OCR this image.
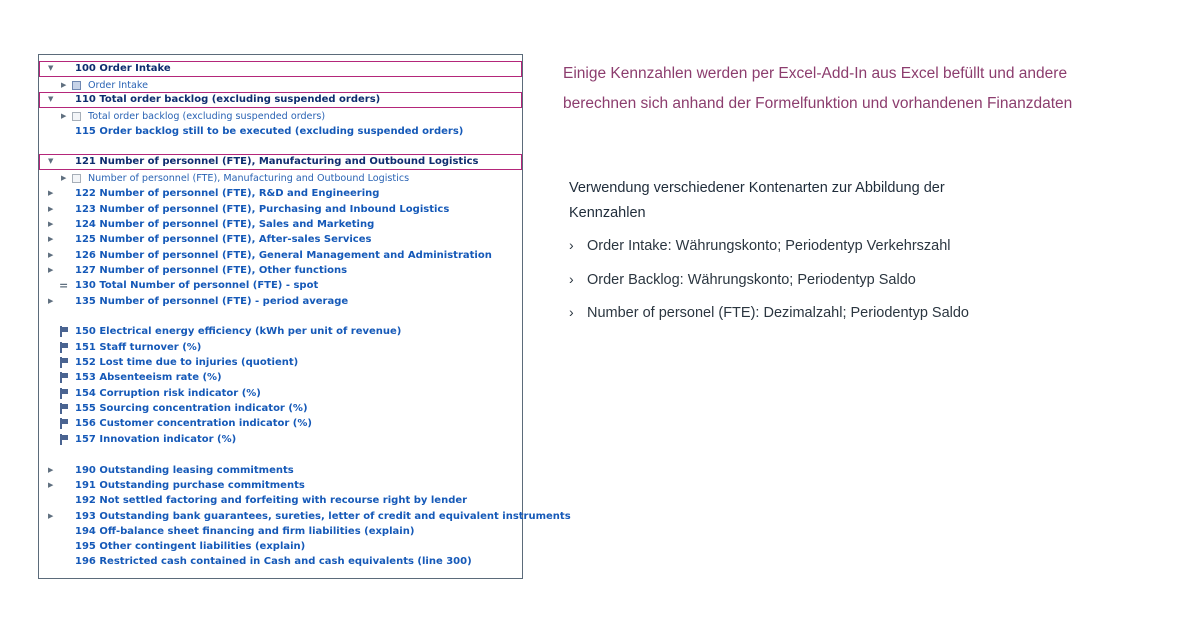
▼ 100 Order Intake
▶ Order Intake
▼ 110 Total order backlog (excluding suspended orders)
▶ Total order backlog (excluding suspended orders)
115 Order backlog still to be executed (excluding suspended orders)
▼ 121 Number of personnel (FTE), Manufacturing and Outbound Logistics
▶ Number of personnel (FTE), Manufacturing and Outbound Logistics
▶ 122 Number of personnel (FTE), R&D and Engineering
▶ 123 Number of personnel (FTE), Purchasing and Inbound Logistics
▶ 124 Number of personnel (FTE), Sales and Marketing
▶ 125 Number of personnel (FTE), After-sales Services
▶ 126 Number of personnel (FTE), General Management and Administration
▶ 127 Number of personnel (FTE), Other functions
= 130 Total Number of personnel (FTE) - spot
▶ 135 Number of personnel (FTE) - period average
150 Electrical energy efficiency (kWh per unit of revenue)
151 Staff turnover (%)
152 Lost time due to injuries (quotient)
153 Absenteeism rate (%)
154 Corruption risk indicator (%)
155 Sourcing concentration indicator (%)
156 Customer concentration indicator (%)
157 Innovation indicator (%)
▶ 190 Outstanding leasing commitments
▶ 191 Outstanding purchase commitments
192 Not settled factoring and forfeiting with recourse right by lender
▶ 193 Outstanding bank guarantees, sureties, letter of credit and equivalent instruments
194 Off-balance sheet financing and firm liabilities (explain)
195 Other contingent liabilities (explain)
196 Restricted cash contained in Cash and cash equivalents (line 300)

Einige Kennzahlen werden per Excel-Add-In aus Excel befüllt und andere

berechnen sich anhand der Formelfunktion und vorhandenen Finanzdaten

Verwendung verschiedener Kontenarten zur Abbildung der
Kennzahlen
› Order Intake: Währungskonto; Periodentyp Verkehrszahl
› Order Backlog: Währungskonto; Periodentyp Saldo
› Number of personel (FTE): Dezimalzahl; Periodentyp Saldo
